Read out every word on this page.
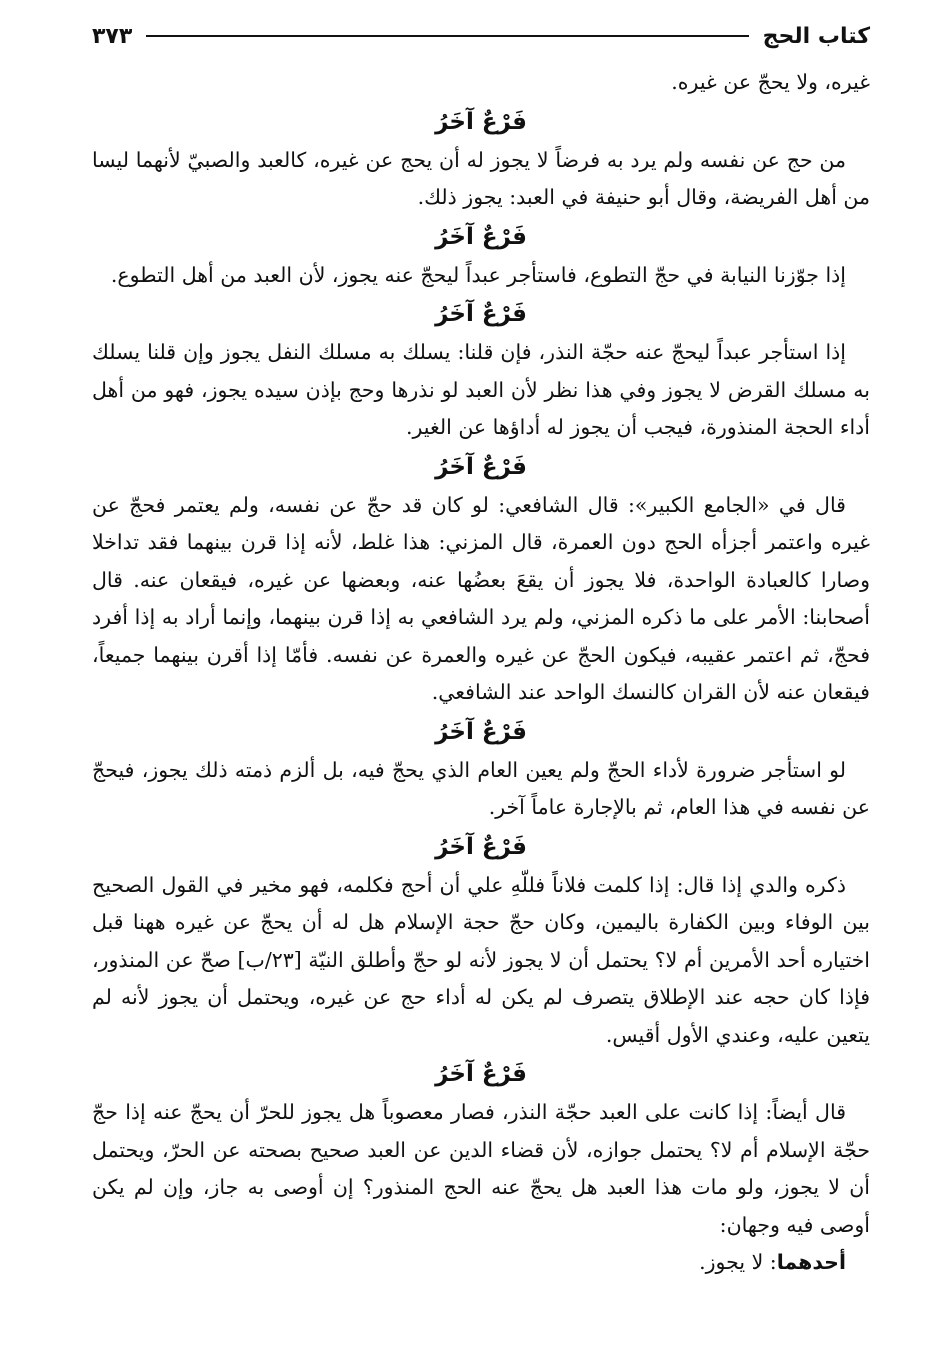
كتاب الحج
٣٧٣

غيره، ولا يحجّ عن غيره.

فَرْعٌ آخَرُ

من حج عن نفسه ولم يرد به فرضاً لا يجوز له أن يحج عن غيره، كالعبد والصبيّ لأنهما ليسا من أهل الفريضة، وقال أبو حنيفة في العبد: يجوز ذلك.

فَرْعٌ آخَرُ

إذا جوّزنا النيابة في حجّ التطوع، فاستأجر عبداً ليحجّ عنه يجوز، لأن العبد من أهل التطوع.

فَرْعٌ آخَرُ

إذا استأجر عبداً ليحجّ عنه حجّة النذر، فإن قلنا: يسلك به مسلك النفل يجوز وإن قلنا يسلك به مسلك القرض لا يجوز وفي هذا نظر لأن العبد لو نذرها وحج بإذن سيده يجوز، فهو من أهل أداء الحجة المنذورة، فيجب أن يجوز له أداؤها عن الغير.

فَرْعٌ آخَرُ

قال في «الجامع الكبير»: قال الشافعي: لو كان قد حجّ عن نفسه، ولم يعتمر فحجّ عن غيره واعتمر أجزأه الحج دون العمرة، قال المزني: هذا غلط، لأنه إذا قرن بينهما فقد تداخلا وصارا كالعبادة الواحدة، فلا يجوز أن يقعَ بعضُها عنه، وبعضها عن غيره، فيقعان عنه. قال أصحابنا: الأمر على ما ذكره المزني، ولم يرد الشافعي به إذا قرن بينهما، وإنما أراد به إذا أفرد فحجّ، ثم اعتمر عقيبه، فيكون الحجّ عن غيره والعمرة عن نفسه. فأمّا إذا أقرن بينهما جميعاً، فيقعان عنه لأن القران كالنسك الواحد عند الشافعي.

فَرْعٌ آخَرُ

لو استأجر ضرورة لأداء الحجّ ولم يعين العام الذي يحجّ فيه، بل ألزم ذمته ذلك يجوز، فيحجّ عن نفسه في هذا العام، ثم بالإجارة عاماً آخر.

فَرْعٌ آخَرُ

ذكره والدي إذا قال: إذا كلمت فلاناً فللّهِ علي أن أحج فكلمه، فهو مخير في القول الصحيح بين الوفاء وبين الكفارة باليمين، وكان حجّ حجة الإسلام هل له أن يحجّ عن غيره ههنا قبل اختياره أحد الأمرين أم لا؟ يحتمل أن لا يجوز لأنه لو حجّ وأطلق النيّة [٢٣/ب] صحّ عن المنذور، فإذا كان حجه عند الإطلاق يتصرف لم يكن له أداء حج عن غيره، ويحتمل أن يجوز لأنه لم يتعين عليه، وعندي الأول أقيس.

فَرْعٌ آخَرُ

قال أيضاً: إذا كانت على العبد حجّة النذر، فصار معصوباً هل يجوز للحرّ أن يحجّ عنه إذا حجّ حجّة الإسلام أم لا؟ يحتمل جوازه، لأن قضاء الدين عن العبد صحيح بصحته عن الحرّ، ويحتمل أن لا يجوز، ولو مات هذا العبد هل يحجّ عنه الحج المنذور؟ إن أوصى به جاز، وإن لم يكن أوصى فيه وجهان:

أحدهما: لا يجوز.
